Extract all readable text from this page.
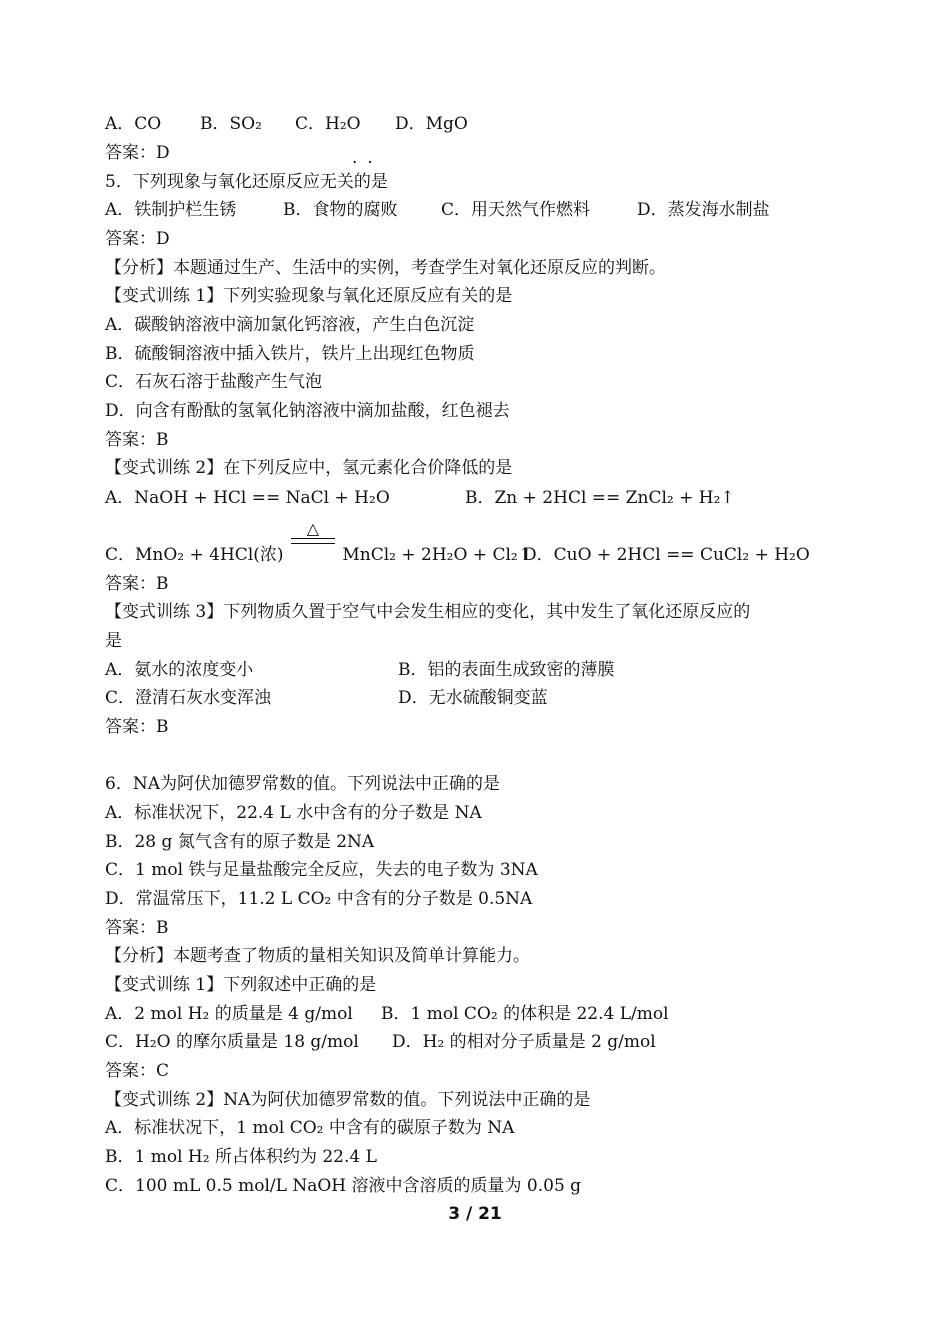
A．CO B．SO₂ C．H₂O D．MgO
答案：D	··
5．下列现象与氧化还原反应无关的是
A．铁制护栏生锈	B．食物的腐败	C．用天然气作燃料	D．蒸发海水制盐
答案：D
【分析】本题通过生产、生活中的实例，考查学生对氧化还原反应的判断。
【变式训练 1】下列实验现象与氧化还原反应有关的是
A．碳酸钠溶液中滴加氯化钙溶液，产生白色沉淀
B．硫酸铜溶液中插入铁片，铁片上出现红色物质
C．石灰石溶于盐酸产生气泡
D．向含有酚酞的氢氧化钠溶液中滴加盐酸，红色褪去
答案：B
【变式训练 2】在下列反应中，氢元素化合价降低的是
A．NaOH + HCl == NaCl + H₂O	B．Zn + 2HCl == ZnCl₂ + H₂↑
C．MnO₂ + 4HCl(浓)
△
MnCl₂ + 2H₂O + Cl₂↑
D．CuO + 2HCl == CuCl₂ + H₂O
答案：B
【变式训练 3】下列物质久置于空气中会发生相应的变化，其中发生了氧化还原反应的
是
A．氨水的浓度变小	B．铝的表面生成致密的薄膜
C．澄清石灰水变浑浊	D．无水硫酸铜变蓝
答案：B
6．NA为阿伏加德罗常数的值。下列说法中正确的是
A．标准状况下，22.4 L 水中含有的分子数是 NA
B．28 g 氮气含有的原子数是 2NA
C．1 mol 铁与足量盐酸完全反应，失去的电子数为 3NA
D．常温常压下，11.2 L CO₂ 中含有的分子数是 0.5NA
答案：B
【分析】本题考查了物质的量相关知识及简单计算能力。
【变式训练 1】下列叙述中正确的是
A．2 mol H₂ 的质量是 4 g/mol B．1 mol CO₂ 的体积是 22.4 L/mol
C．H₂O 的摩尔质量是 18 g/mol D．H₂ 的相对分子质量是 2 g/mol
答案：C
【变式训练 2】NA为阿伏加德罗常数的值。下列说法中正确的是
A．标准状况下，1 mol CO₂ 中含有的碳原子数为 NA
B．1 mol H₂ 所占体积约为 22.4 L
C．100 mL 0.5 mol/L NaOH 溶液中含溶质的质量为 0.05 g
3 / 21
